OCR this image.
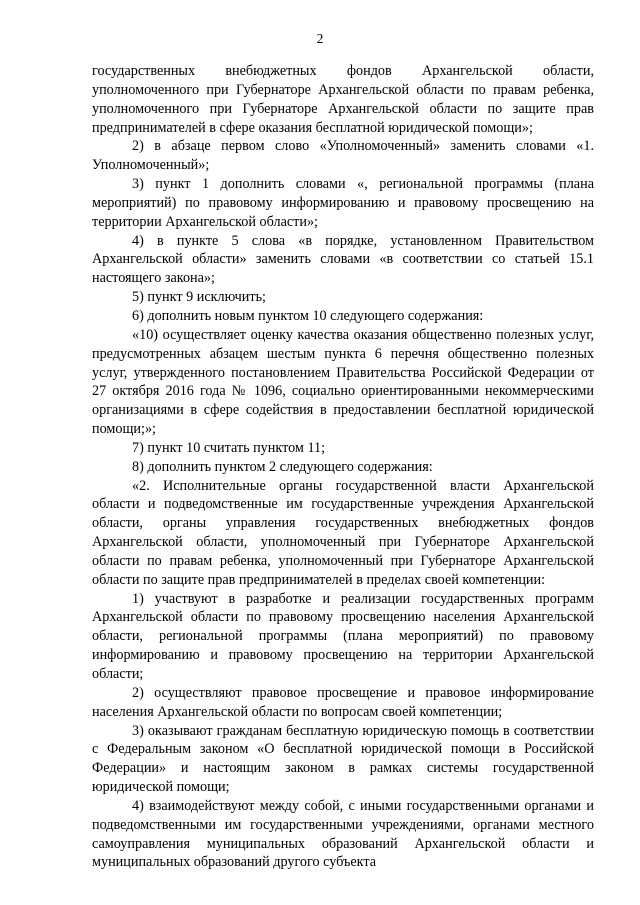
2

государственных внебюджетных фондов Архангельской области, уполномоченного при Губернаторе Архангельской области по правам ребенка, уполномоченного при Губернаторе Архангельской области по защите прав предпринимателей в сфере оказания бесплатной юридической помощи»;

2) в абзаце первом слово «Уполномоченный» заменить словами «1. Уполномоченный»;

3) пункт 1 дополнить словами «, региональной программы (плана мероприятий) по правовому информированию и правовому просвещению на территории Архангельской области»;

4) в пункте 5 слова «в порядке, установленном Правительством Архангельской области» заменить словами «в соответствии со статьей 15.1 настоящего закона»;

5) пункт 9 исключить;

6) дополнить новым пунктом 10 следующего содержания:

«10) осуществляет оценку качества оказания общественно полезных услуг, предусмотренных абзацем шестым пункта 6 перечня общественно полезных услуг, утвержденного постановлением Правительства Российской Федерации от 27 октября 2016 года № 1096, социально ориентированными некоммерческими организациями в сфере содействия в предоставлении бесплатной юридической помощи;»;

7) пункт 10 считать пунктом 11;

8) дополнить пунктом 2 следующего содержания:

«2. Исполнительные органы государственной власти Архангельской области и подведомственные им государственные учреждения Архангельской области, органы управления государственных внебюджетных фондов Архангельской области, уполномоченный при Губернаторе Архангельской области по правам ребенка, уполномоченный при Губернаторе Архангельской области по защите прав предпринимателей в пределах своей компетенции:

1) участвуют в разработке и реализации государственных программ Архангельской области по правовому просвещению населения Архангельской области, региональной программы (плана мероприятий) по правовому информированию и правовому просвещению на территории Архангельской области;

2) осуществляют правовое просвещение и правовое информирование населения Архангельской области по вопросам своей компетенции;

3) оказывают гражданам бесплатную юридическую помощь в соответствии с Федеральным законом «О бесплатной юридической помощи в Российской Федерации» и настоящим законом в рамках системы государственной юридической помощи;

4) взаимодействуют между собой, с иными государственными органами и подведомственными им государственными учреждениями, органами местного самоуправления муниципальных образований Архангельской области и муниципальных образований другого субъекта
